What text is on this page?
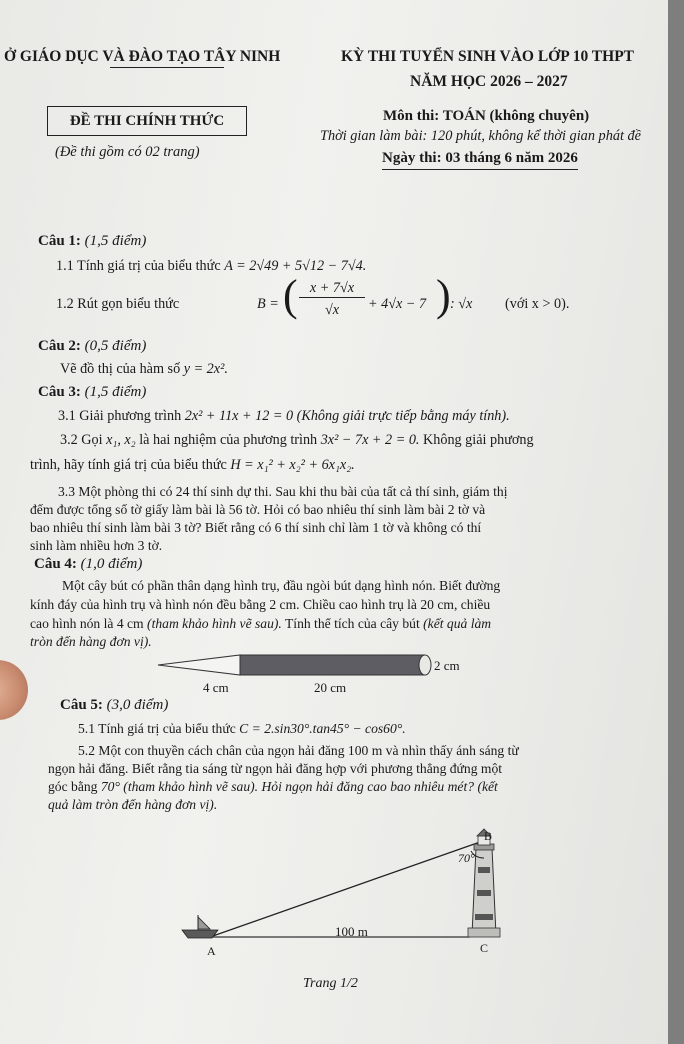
Ở GIÁO DỤC VÀ ĐÀO TẠO TÂY NINH	KỲ THI TUYỂN SINH VÀO LỚP 10 THPT
NĂM HỌC 2026 – 2027
ĐỀ THI CHÍNH THỨC
(Đề thi gồm có 02 trang)
Môn thi: TOÁN (không chuyên)
Thời gian làm bài: 120 phút, không kể thời gian phát đề
Ngày thi: 03 tháng 6 năm 2026
Câu 1: (1,5 điểm)
1.1 Tính giá trị của biểu thức A = 2√49 + 5√12 − 7√4.
1.2 Rút gọn biểu thức	B = ( x + 7√x
√x	+ 4√x − 7 ) : √x (với x > 0).
Câu 2: (0,5 điểm)
Vẽ đồ thị của hàm số y = 2x².
Câu 3: (1,5 điểm)
3.1 Giải phương trình 2x² + 11x + 12 = 0 (Không giải trực tiếp bằng máy tính).
3.2 Gọi x₁, x₂ là hai nghiệm của phương trình 3x² − 7x + 2 = 0. Không giải phương
trình, hãy tính giá trị của biểu thức H = x₁² + x₂² + 6x₁x₂.
3.3 Một phòng thi có 24 thí sinh dự thi. Sau khi thu bài của tất cả thí sinh, giám thị
đếm được tổng số tờ giấy làm bài là 56 tờ. Hỏi có bao nhiêu thí sinh làm bài 2 tờ và
bao nhiêu thí sinh làm bài 3 tờ? Biết rằng có 6 thí sinh chỉ làm 1 tờ và không có thí
sinh làm nhiều hơn 3 tờ.
Câu 4: (1,0 điểm)
Một cây bút có phần thân dạng hình trụ, đầu ngòi bút dạng hình nón. Biết đường
kính đáy của hình trụ và hình nón đều bằng 2 cm. Chiều cao hình trụ là 20 cm, chiều
cao hình nón là 4 cm (tham khảo hình vẽ sau). Tính thể tích của cây bút (kết quả làm
tròn đến hàng đơn vị).
2 cm
4 cm	20 cm
Câu 5: (3,0 điểm)
5.1 Tính giá trị của biểu thức C = 2.sin30°.tan45° − cos60°.
5.2 Một con thuyền cách chân của ngọn hải đăng 100 m và nhìn thấy ánh sáng từ
ngọn hải đăng. Biết rằng tia sáng từ ngọn hải đăng hợp với phương thẳng đứng một
góc bằng 70° (tham khảo hình vẽ sau). Hỏi ngọn hải đăng cao bao nhiêu mét? (kết
quả làm tròn đến hàng đơn vị).
70°
B
C
A
100 m
Trang 1/2
